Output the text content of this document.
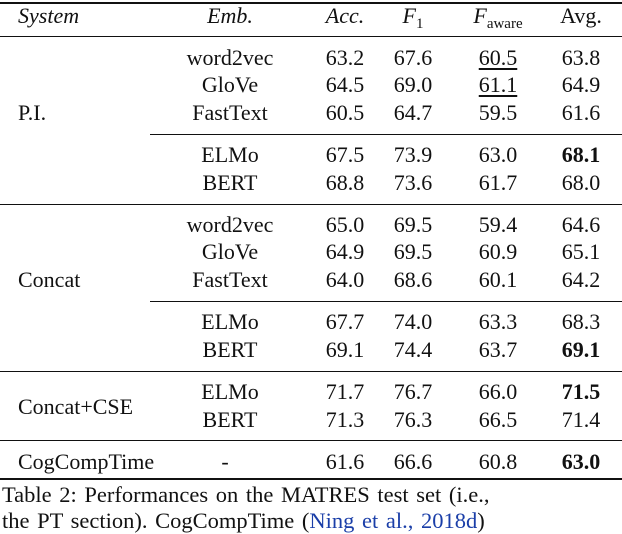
System	Emb.	Acc.	$F_1$	$F_{aware}$	Avg.
P.I.
word2vec	63.2	67.6	60.5	63.8
GloVe	64.5	69.0	61.1	64.9
FastText	60.5	64.7	59.5	61.6
ELMo	67.5	73.9	63.0	68.1
BERT	68.8	73.6	61.7	68.0
Concat
word2vec	65.0	69.5	59.4	64.6
GloVe	64.9	69.5	60.9	65.1
FastText	64.0	68.6	60.1	64.2
ELMo	67.7	74.0	63.3	68.3
BERT	69.1	74.4	63.7	69.1
Concat+CSE
ELMo	71.7	76.7	66.0	71.5
BERT	71.3	76.3	66.5	71.4
CogCompTime	-	61.6	66.6	60.8	63.0
Table 2: Performances on the MATRES test set (i.e.,
the PT section). CogCompTime (Ning et al., 2018d)
